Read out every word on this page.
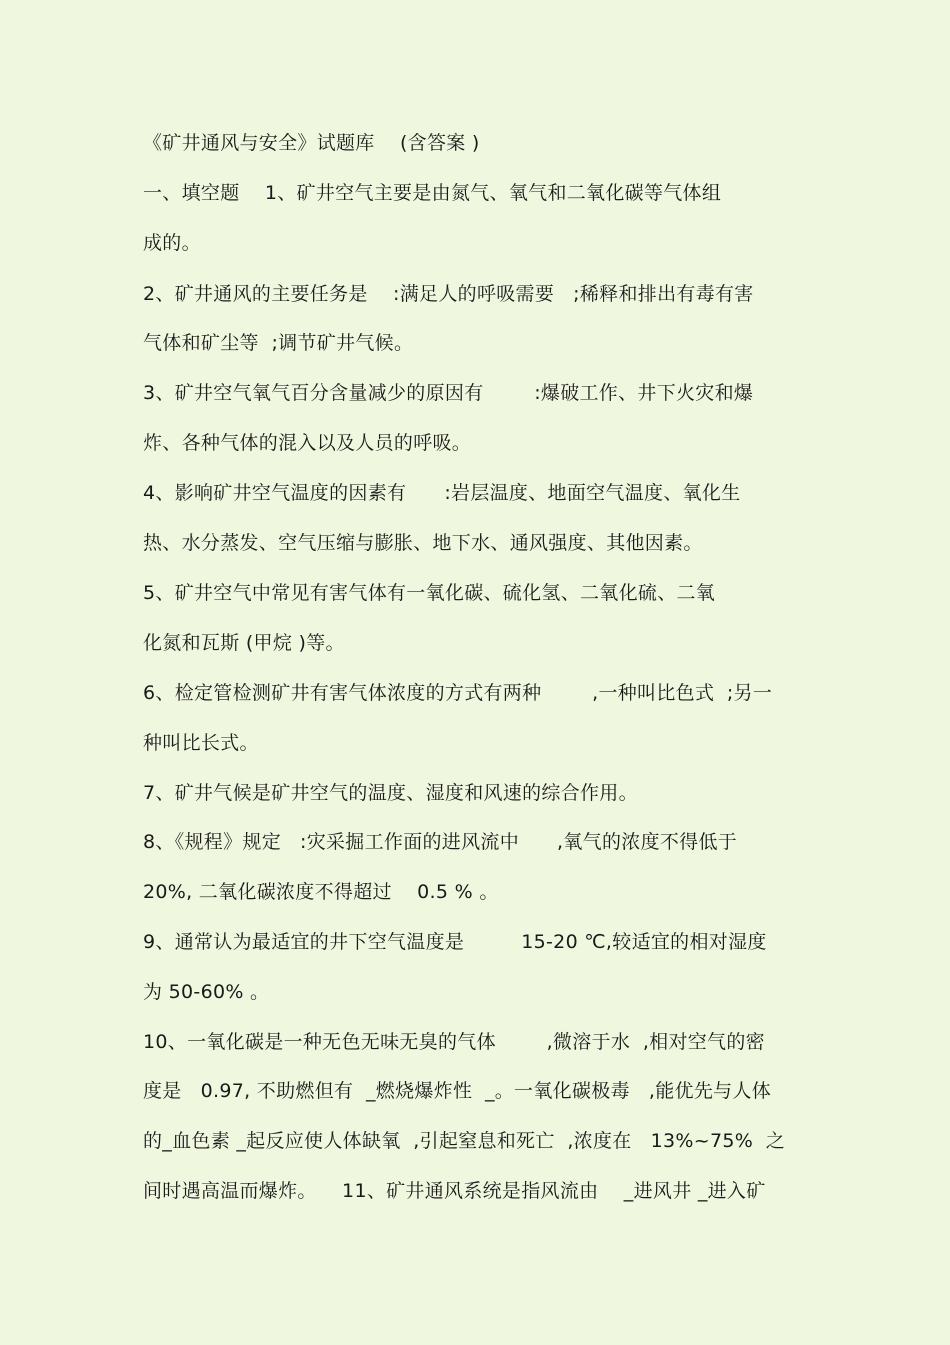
《矿井通风与安全》试题库    (含答案 )
一、填空题    1、矿井空气主要是由氮气、氧气和二氧化碳等气体组
成的。
2、矿井通风的主要任务是    :满足人的呼吸需要   ;稀释和排出有毒有害
气体和矿尘等  ;调节矿井气候。
3、矿井空气氧气百分含量减少的原因有        :爆破工作、井下火灾和爆
炸、各种气体的混入以及人员的呼吸。
4、影响矿井空气温度的因素有      :岩层温度、地面空气温度、氧化生
热、水分蒸发、空气压缩与膨胀、地下水、通风强度、其他因素。
5、矿井空气中常见有害气体有一氧化碳、硫化氢、二氧化硫、二氧
化氮和瓦斯 (甲烷 )等。
6、检定管检测矿井有害气体浓度的方式有两种        ,一种叫比色式  ;另一
种叫比长式。
7、矿井气候是矿井空气的温度、湿度和风速的综合作用。
8、《规程》规定   :灾采掘工作面的进风流中      ,氧气的浓度不得低于
20%, 二氧化碳浓度不得超过    0.5 % 。
9、通常认为最适宜的井下空气温度是         15-20 ℃,较适宜的相对湿度
为 50-60% 。
10、一氧化碳是一种无色无味无臭的气体        ,微溶于水  ,相对空气的密
度是   0.97, 不助燃但有  _燃烧爆炸性  _。一氧化碳极毒   ,能优先与人体
的_血色素 _起反应使人体缺氧  ,引起窒息和死亡  ,浓度在   13%~75%  之
间时遇高温而爆炸。    11、矿井通风系统是指风流由    _进风井 _进入矿
